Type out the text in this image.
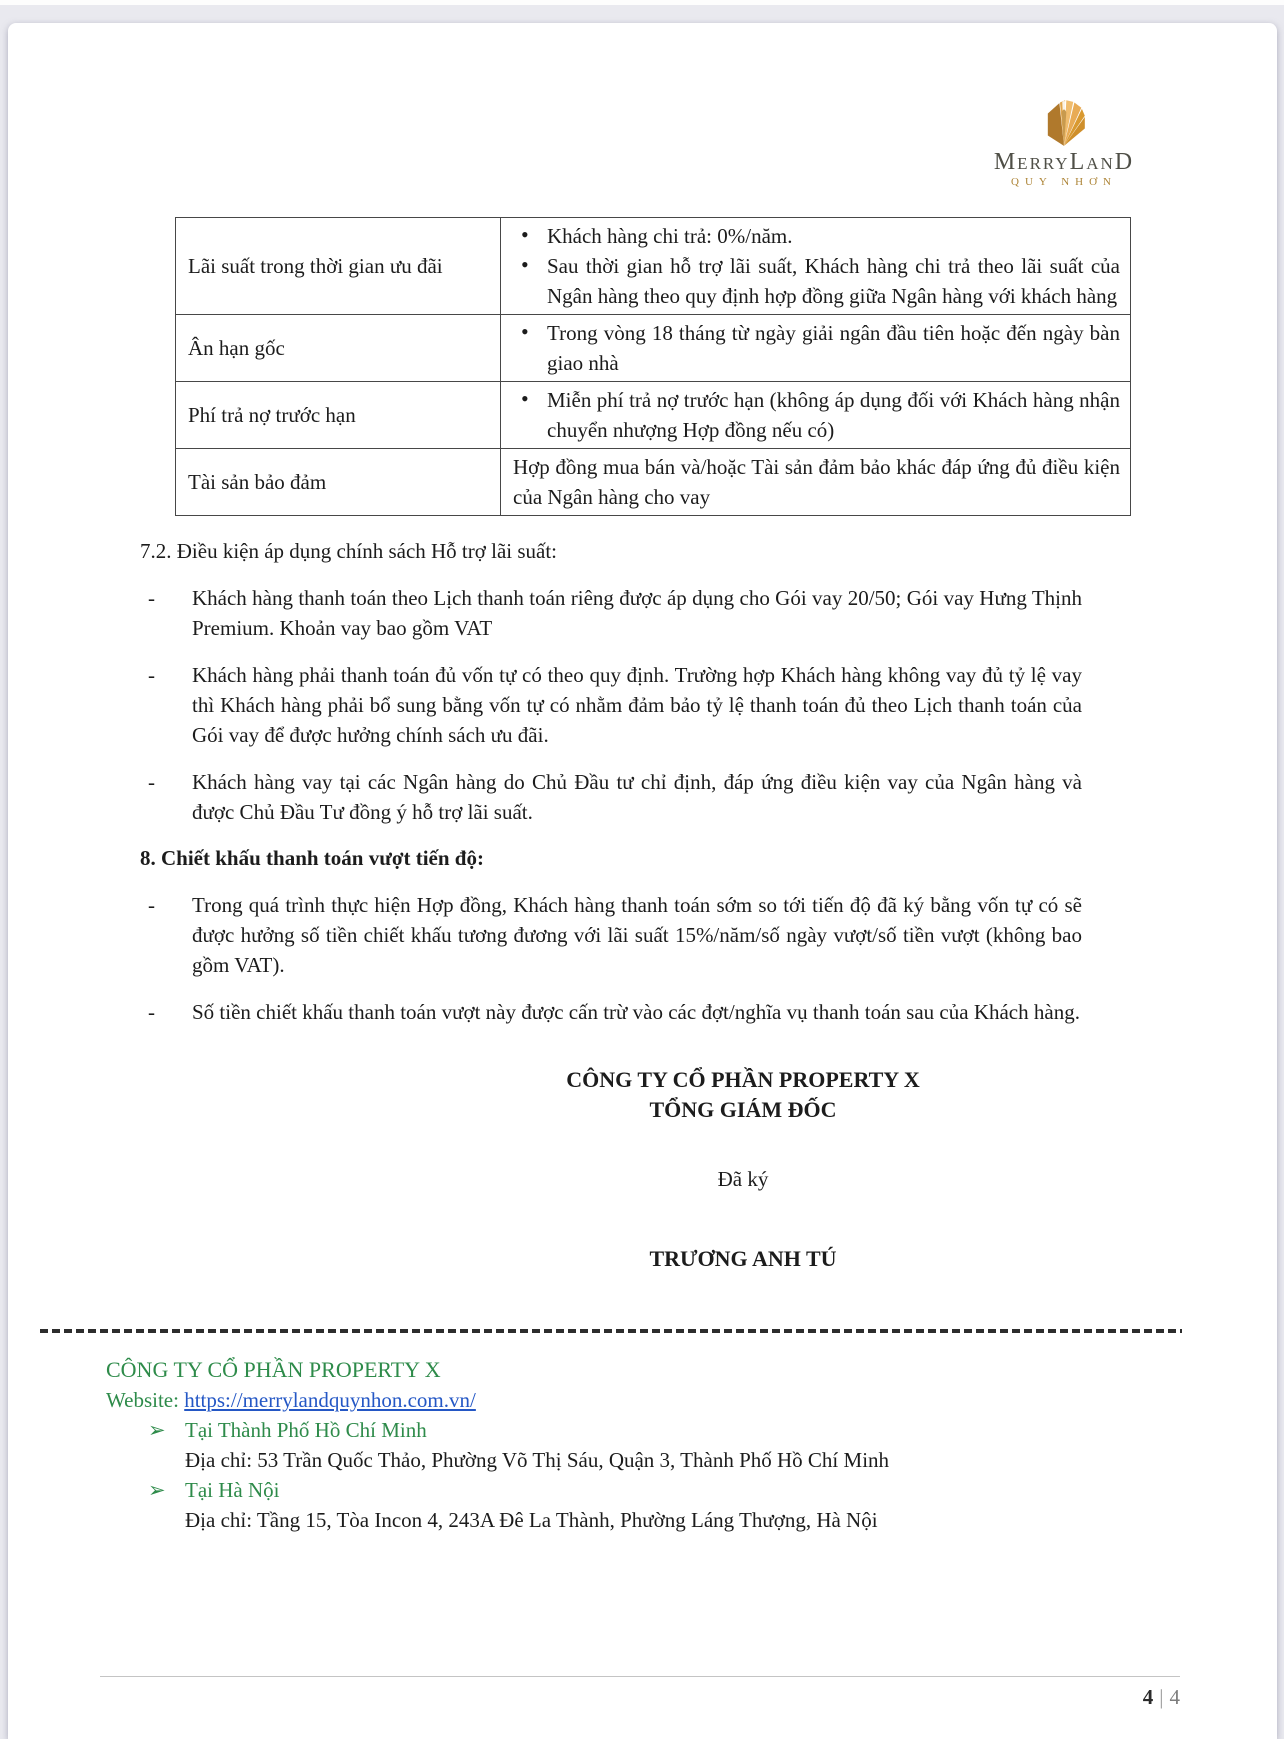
MerryLanD
QUY NHƠN
Lãi suất trong thời gian ưu đãi	• Khách hàng chi trả: 0%/năm.
• Sau thời gian hỗ trợ lãi suất, Khách hàng chi trả theo lãi suất của Ngân hàng theo quy định hợp đồng giữa Ngân hàng với khách hàng

Ân hạn gốc	• Trong vòng 18 tháng từ ngày giải ngân đầu tiên hoặc đến ngày bàn giao nhà

Phí trả nợ trước hạn	• Miễn phí trả nợ trước hạn (không áp dụng đối với Khách hàng nhận chuyển nhượng Hợp đồng nếu có)

Tài sản bảo đảm	Hợp đồng mua bán và/hoặc Tài sản đảm bảo khác đáp ứng đủ điều kiện của Ngân hàng cho vay
7.2. Điều kiện áp dụng chính sách Hỗ trợ lãi suất:
- Khách hàng thanh toán theo Lịch thanh toán riêng được áp dụng cho Gói vay 20/50; Gói vay Hưng Thịnh Premium. Khoản vay bao gồm VAT
- Khách hàng phải thanh toán đủ vốn tự có theo quy định. Trường hợp Khách hàng không vay đủ tỷ lệ vay thì Khách hàng phải bổ sung bằng vốn tự có nhằm đảm bảo tỷ lệ thanh toán đủ theo Lịch thanh toán của Gói vay để được hưởng chính sách ưu đãi.
- Khách hàng vay tại các Ngân hàng do Chủ Đầu tư chỉ định, đáp ứng điều kiện vay của Ngân hàng và được Chủ Đầu Tư đồng ý hỗ trợ lãi suất.
8. Chiết khấu thanh toán vượt tiến độ:
- Trong quá trình thực hiện Hợp đồng, Khách hàng thanh toán sớm so tới tiến độ đã ký bằng vốn tự có sẽ được hưởng số tiền chiết khấu tương đương với lãi suất 15%/năm/số ngày vượt/số tiền vượt (không bao gồm VAT).
- Số tiền chiết khấu thanh toán vượt này được cấn trừ vào các đợt/nghĩa vụ thanh toán sau của Khách hàng.
CÔNG TY CỔ PHẦN PROPERTY X
TỔNG GIÁM ĐỐC
Đã ký
TRƯƠNG ANH TÚ
CÔNG TY CỔ PHẦN PROPERTY X
Website: https://merrylandquynhon.com.vn/
➢ Tại Thành Phố Hồ Chí Minh
Địa chỉ: 53 Trần Quốc Thảo, Phường Võ Thị Sáu, Quận 3, Thành Phố Hồ Chí Minh
➢ Tại Hà Nội
Địa chỉ: Tầng 15, Tòa Incon 4, 243A Đê La Thành, Phường Láng Thượng, Hà Nội
4 | 4
